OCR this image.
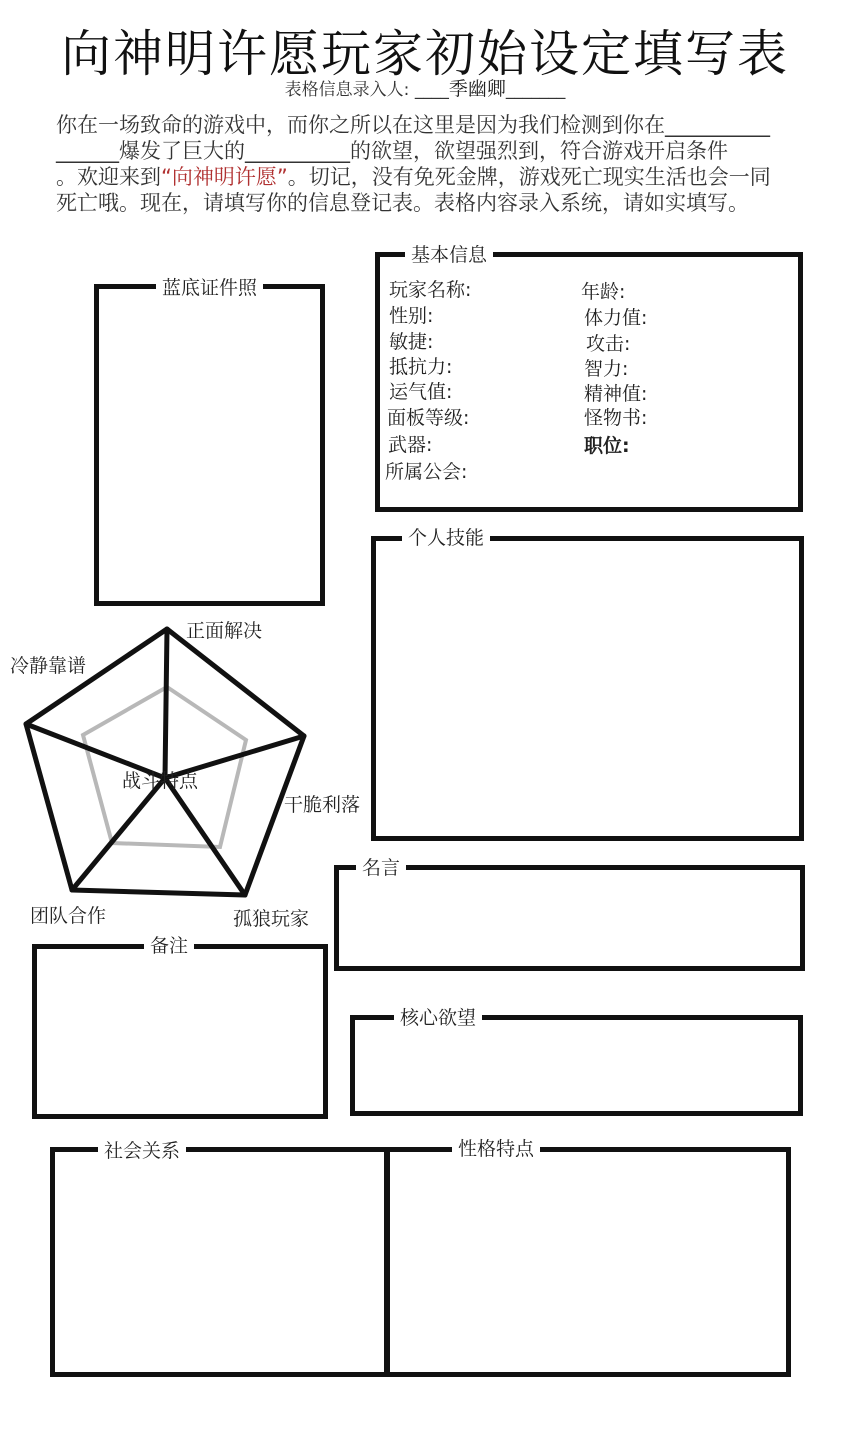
向神明许愿玩家初始设定填写表
表格信息录入人: ____季幽卿_______
你在一场致命的游戏中，而你之所以在这里是因为我们检测到你在__________
______爆发了巨大的__________的欲望，欲望强烈到，符合游戏开启条件
。欢迎来到“向神明许愿”。切记，没有免死金牌，游戏死亡现实生活也会一同
死亡哦。现在，请填写你的信息登记表。表格内容录入系统，请如实填写。
蓝底证件照
基本信息
玩家名称:
性别:
敏捷:
抵抗力:
运气值:
面板等级:
武器:
所属公会:
年龄:
体力值:
攻击:
智力:
精神值:
怪物书:
职位:
个人技能
战斗特点
正面解决
干脆利落
孤狼玩家
团队合作
冷静靠谱
名言
备注
核心欲望
社会关系	性格特点
